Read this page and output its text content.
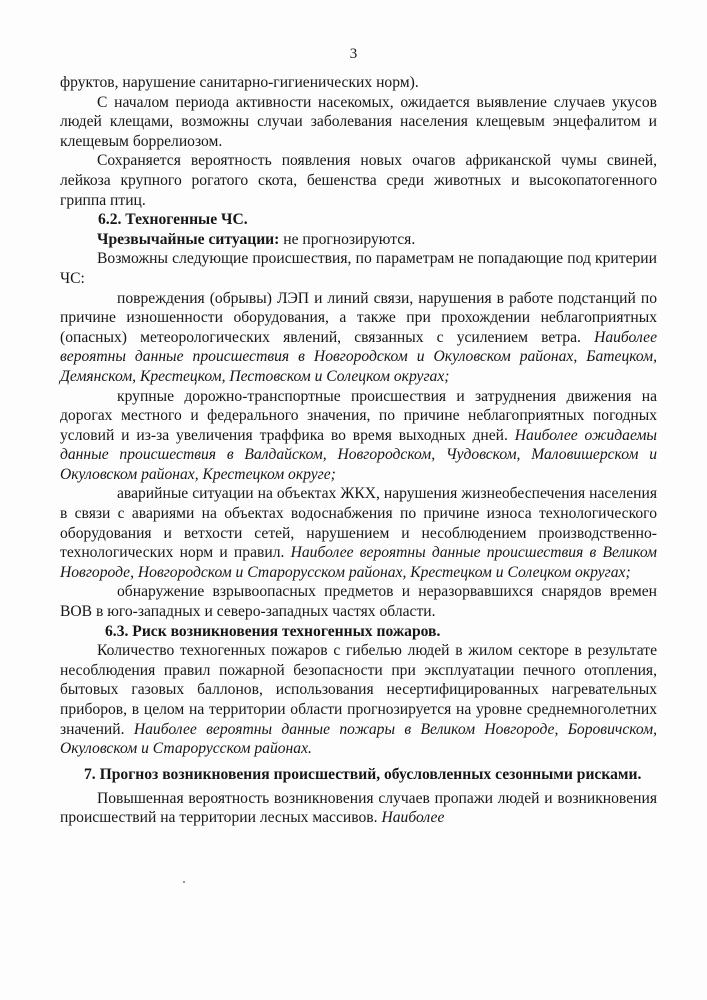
3

фруктов, нарушение санитарно-гигиенических норм).

С началом периода активности насекомых, ожидается выявление случаев укусов людей клещами, возможны случаи заболевания населения клещевым энцефалитом и клещевым боррелиозом.

Сохраняется вероятность появления новых очагов африканской чумы свиней, лейкоза крупного рогатого скота, бешенства среди животных и высокопатогенного гриппа птиц.

6.2. Техногенные ЧС.

Чрезвычайные ситуации: не прогнозируются.

Возможны следующие происшествия, по параметрам не попадающие под критерии ЧС:

повреждения (обрывы) ЛЭП и линий связи, нарушения в работе подстанций по причине изношенности оборудования, а также при прохождении неблагоприятных (опасных) метеорологических явлений, связанных с усилением ветра. Наиболее вероятны данные происшествия в Новгородском и Окуловском районах, Батецком, Демянском, Крестецком, Пестовском и Солецком округах;

крупные дорожно-транспортные происшествия и затруднения движения на дорогах местного и федерального значения, по причине неблагоприятных погодных условий и из-за увеличения траффика во время выходных дней. Наиболее ожидаемы данные происшествия в Валдайском, Новгородском, Чудовском, Маловишерском и Окуловском районах, Крестецком округе;

аварийные ситуации на объектах ЖКХ, нарушения жизнеобеспечения населения в связи с авариями на объектах водоснабжения по причине износа технологического оборудования и ветхости сетей, нарушением и несоблюдением производственно-технологических норм и правил. Наиболее вероятны данные происшествия в Великом Новгороде, Новгородском и Старорусском районах, Крестецком и Солецком округах;

обнаружение взрывоопасных предметов и неразорвавшихся снарядов времен ВОВ в юго-западных и северо-западных частях области.

6.3. Риск возникновения техногенных пожаров.

Количество техногенных пожаров с гибелью людей в жилом секторе в результате несоблюдения правил пожарной безопасности при эксплуатации печного отопления, бытовых газовых баллонов, использования несертифицированных нагревательных приборов, в целом на территории области прогнозируется на уровне среднемноголетних значений. Наиболее вероятны данные пожары в Великом Новгороде, Боровичском, Окуловском и Старорусском районах.

7. Прогноз возникновения происшествий, обусловленных сезонными рисками.

Повышенная вероятность возникновения случаев пропажи людей и возникновения происшествий на территории лесных массивов. Наиболее
